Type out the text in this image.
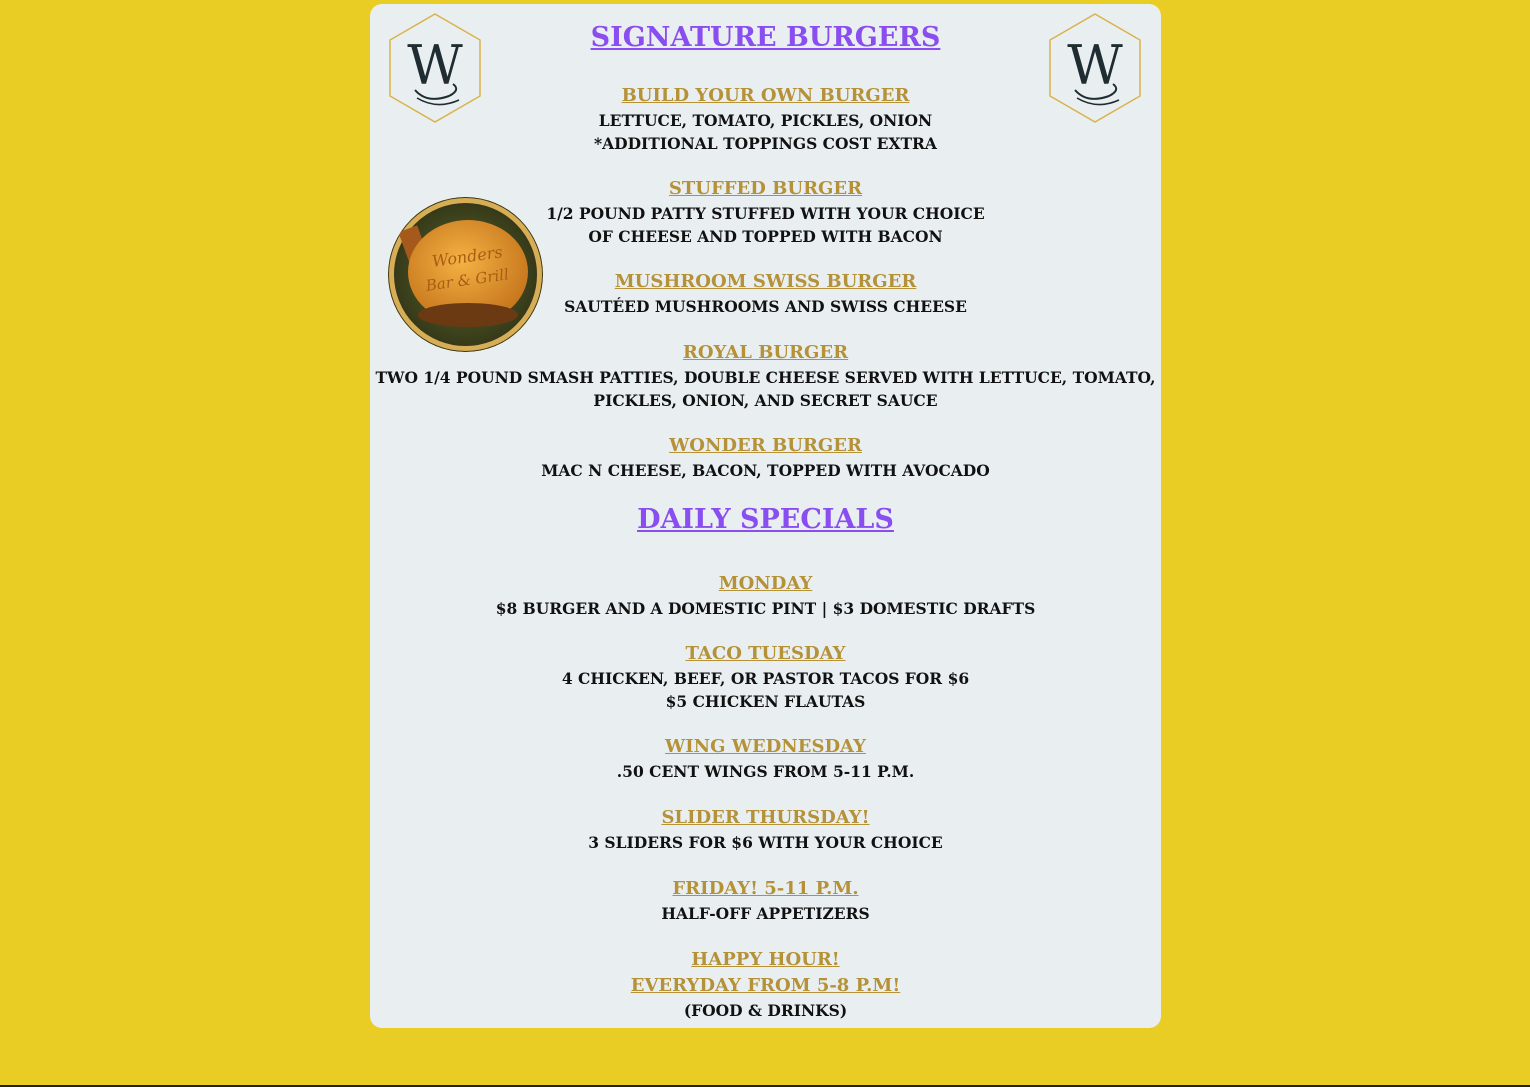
W	W
Wonders
Bar & Grill
SIGNATURE BURGERS
BUILD YOUR OWN BURGER
LETTUCE, TOMATO, PICKLES, ONION
*ADDITIONAL TOPPINGS COST EXTRA
STUFFED BURGER
1/2 POUND PATTY STUFFED WITH YOUR CHOICE
OF CHEESE AND TOPPED WITH BACON
MUSHROOM SWISS BURGER
SAUTÉED MUSHROOMS AND SWISS CHEESE
ROYAL BURGER
TWO 1/4 POUND SMASH PATTIES, DOUBLE CHEESE SERVED WITH LETTUCE, TOMATO,
PICKLES, ONION, AND SECRET SAUCE
WONDER BURGER
MAC N CHEESE, BACON, TOPPED WITH AVOCADO
DAILY SPECIALS
MONDAY
$8 BURGER AND A DOMESTIC PINT | $3 DOMESTIC DRAFTS
TACO TUESDAY
4 CHICKEN, BEEF, OR PASTOR TACOS FOR $6
$5 CHICKEN FLAUTAS
WING WEDNESDAY
.50 CENT WINGS FROM 5-11 P.M.
SLIDER THURSDAY!
3 SLIDERS FOR $6 WITH YOUR CHOICE
FRIDAY! 5-11 P.M.
HALF-OFF APPETIZERS
HAPPY HOUR!
EVERYDAY FROM 5-8 P.M!
(FOOD & DRINKS)
